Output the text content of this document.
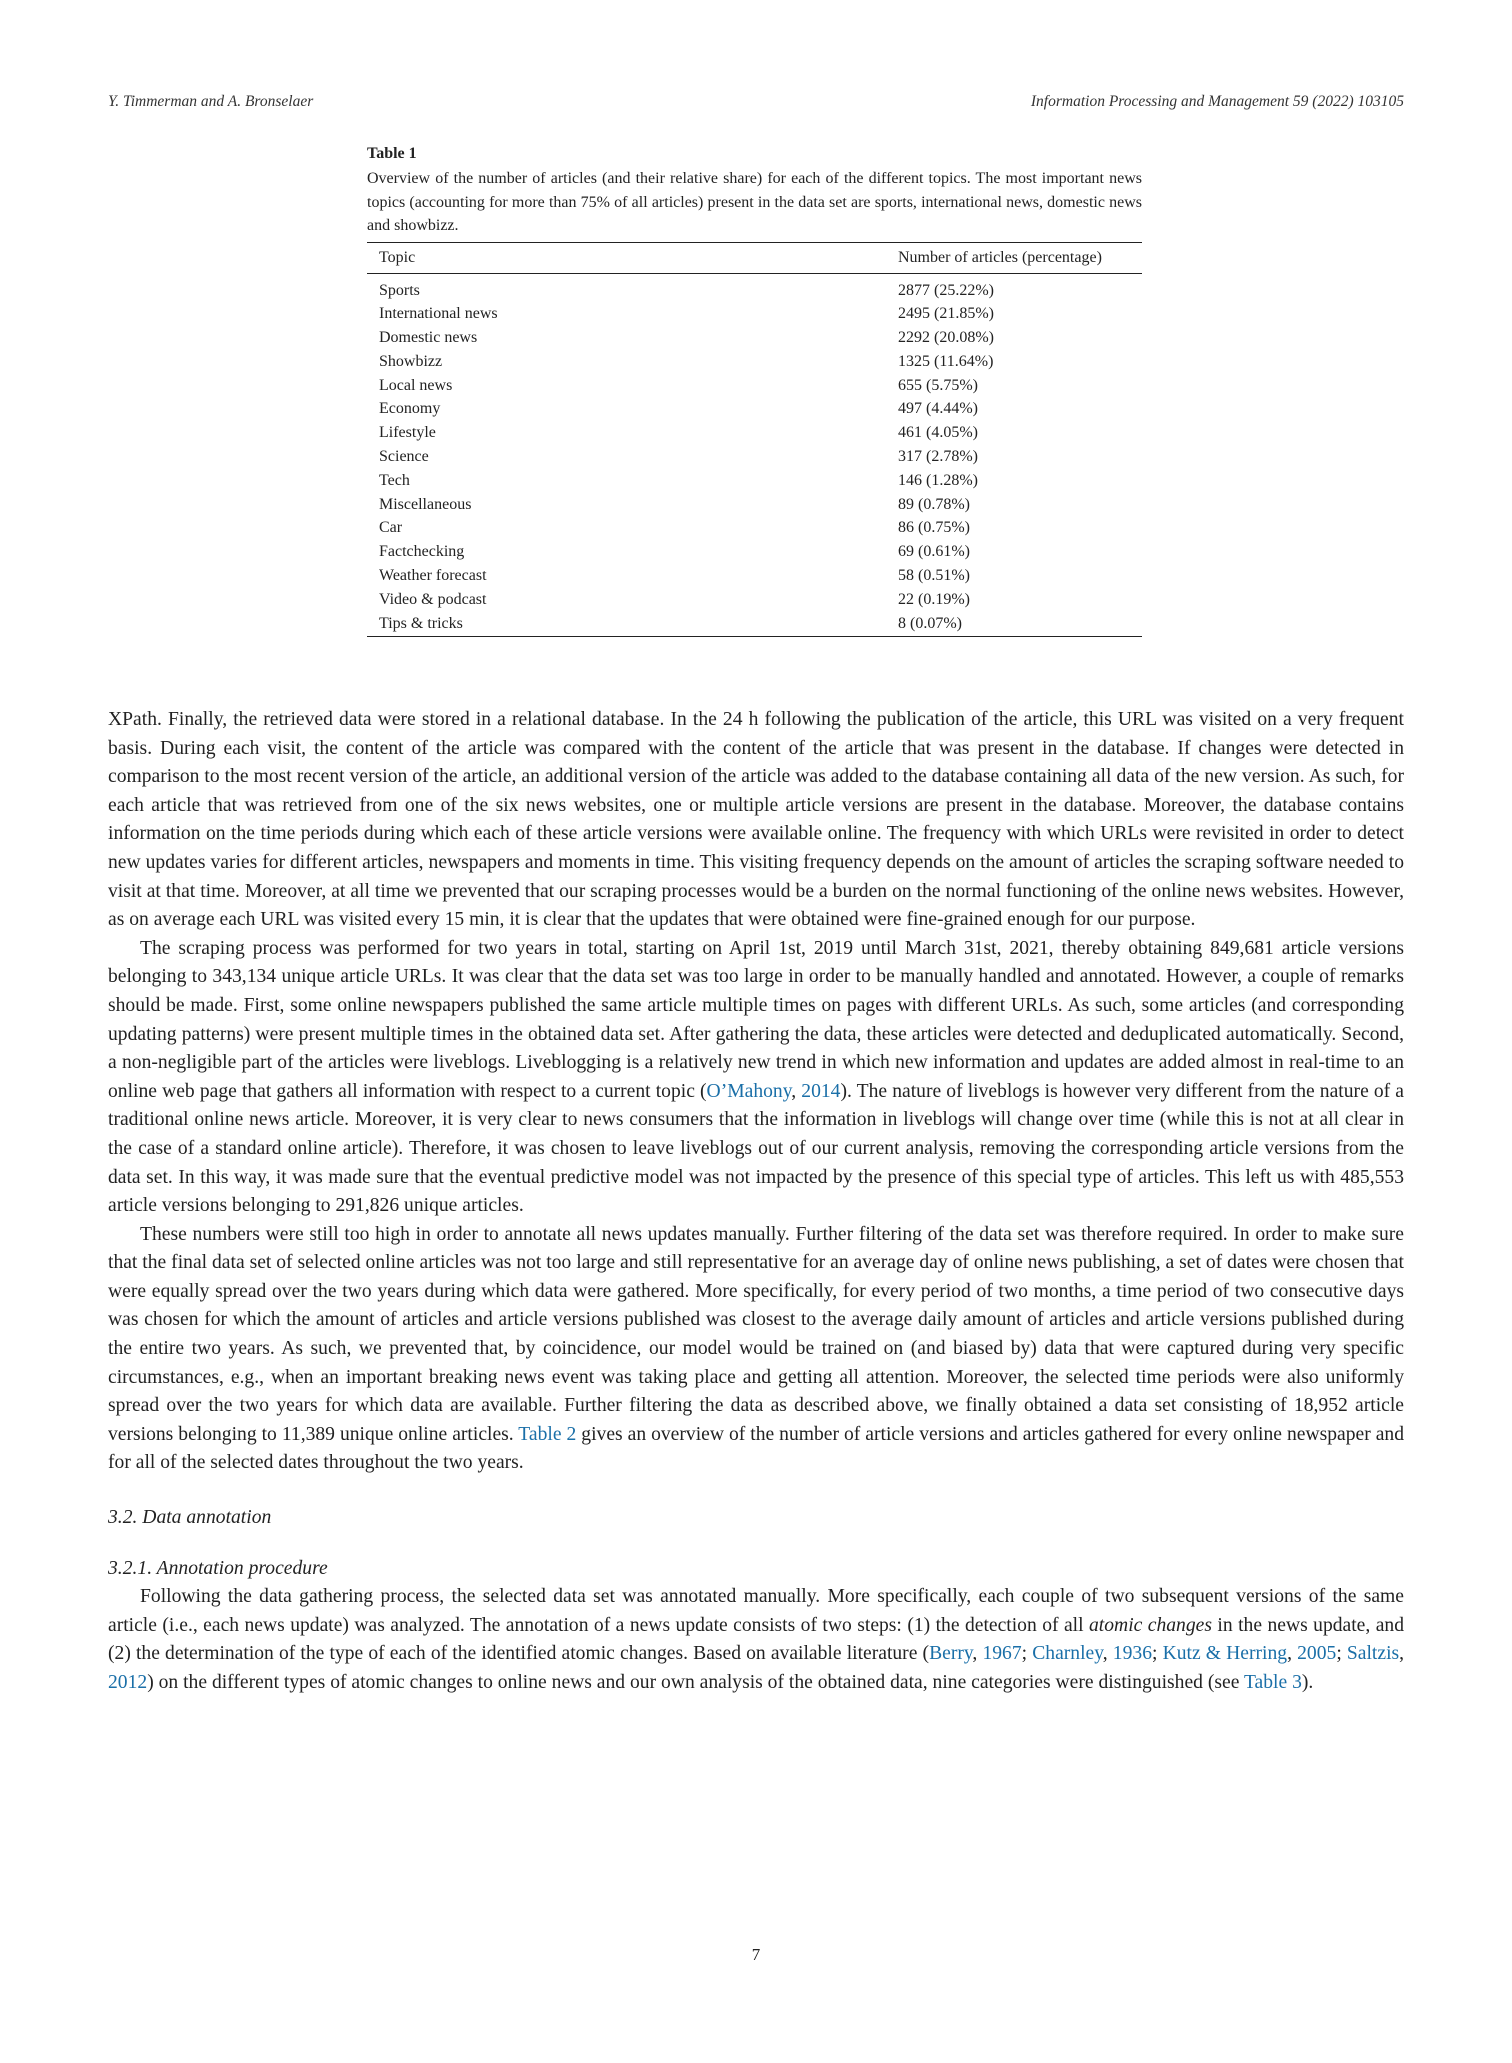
Y. Timmerman and A. Bronselaer	Information Processing and Management 59 (2022) 103105
Table 1

Overview of the number of articles (and their relative share) for each of the different topics. The most important news topics (accounting for more than 75% of all articles) present in the data set are sports, international news, domestic news and showbizz.

Topic	Number of articles (percentage)
Sports	2877 (25.22%)
International news	2495 (21.85%)
Domestic news	2292 (20.08%)
Showbizz	1325 (11.64%)
Local news	655 (5.75%)
Economy	497 (4.44%)
Lifestyle	461 (4.05%)
Science	317 (2.78%)
Tech	146 (1.28%)
Miscellaneous	89 (0.78%)
Car	86 (0.75%)
Factchecking	69 (0.61%)
Weather forecast	58 (0.51%)
Video & podcast	22 (0.19%)
Tips & tricks	8 (0.07%)

XPath. Finally, the retrieved data were stored in a relational database. In the 24 h following the publication of the article, this URL was visited on a very frequent basis. During each visit, the content of the article was compared with the content of the article that was present in the database. If changes were detected in comparison to the most recent version of the article, an additional version of the article was added to the database containing all data of the new version. As such, for each article that was retrieved from one of the six news websites, one or multiple article versions are present in the database. Moreover, the database contains information on the time periods during which each of these article versions were available online. The frequency with which URLs were revisited in order to detect new updates varies for different articles, newspapers and moments in time. This visiting frequency depends on the amount of articles the scraping software needed to visit at that time. Moreover, at all time we prevented that our scraping processes would be a burden on the normal functioning of the online news websites. However, as on average each URL was visited every 15 min, it is clear that the updates that were obtained were fine-grained enough for our purpose.

The scraping process was performed for two years in total, starting on April 1st, 2019 until March 31st, 2021, thereby obtaining 849,681 article versions belonging to 343,134 unique article URLs. It was clear that the data set was too large in order to be manually handled and annotated. However, a couple of remarks should be made. First, some online newspapers published the same article multiple times on pages with different URLs. As such, some articles (and corresponding updating patterns) were present multiple times in the obtained data set. After gathering the data, these articles were detected and deduplicated automatically. Second, a non-negligible part of the articles were liveblogs. Liveblogging is a relatively new trend in which new information and updates are added almost in real-time to an online web page that gathers all information with respect to a current topic (O’Mahony, 2014). The nature of liveblogs is however very different from the nature of a traditional online news article. Moreover, it is very clear to news consumers that the information in liveblogs will change over time (while this is not at all clear in the case of a standard online article). Therefore, it was chosen to leave liveblogs out of our current analysis, removing the corresponding article versions from the data set. In this way, it was made sure that the eventual predictive model was not impacted by the presence of this special type of articles. This left us with 485,553 article versions belonging to 291,826 unique articles.

These numbers were still too high in order to annotate all news updates manually. Further filtering of the data set was therefore required. In order to make sure that the final data set of selected online articles was not too large and still representative for an average day of online news publishing, a set of dates were chosen that were equally spread over the two years during which data were gathered. More specifically, for every period of two months, a time period of two consecutive days was chosen for which the amount of articles and article versions published was closest to the average daily amount of articles and article versions published during the entire two years. As such, we prevented that, by coincidence, our model would be trained on (and biased by) data that were captured during very specific circumstances, e.g., when an important breaking news event was taking place and getting all attention. Moreover, the selected time periods were also uniformly spread over the two years for which data are available. Further filtering the data as described above, we finally obtained a data set consisting of 18,952 article versions belonging to 11,389 unique online articles. Table 2 gives an overview of the number of article versions and articles gathered for every online newspaper and for all of the selected dates throughout the two years.

3.2. Data annotation

3.2.1. Annotation procedure

Following the data gathering process, the selected data set was annotated manually. More specifically, each couple of two subsequent versions of the same article (i.e., each news update) was analyzed. The annotation of a news update consists of two steps: (1) the detection of all atomic changes in the news update, and (2) the determination of the type of each of the identified atomic changes. Based on available literature (Berry, 1967; Charnley, 1936; Kutz & Herring, 2005; Saltzis, 2012) on the different types of atomic changes to online news and our own analysis of the obtained data, nine categories were distinguished (see Table 3).

7
